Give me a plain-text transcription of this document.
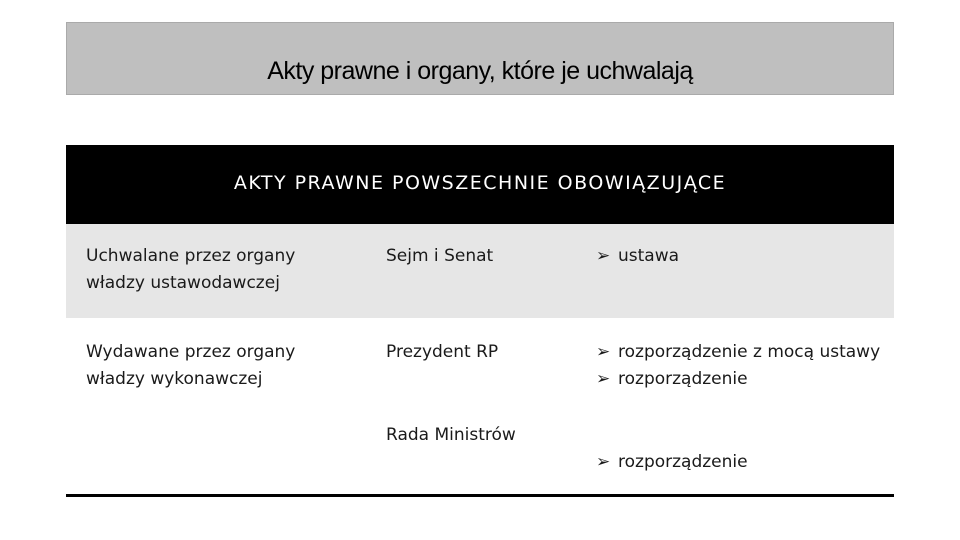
Akty prawne i organy, które je uchwalają
AKTY PRAWNE POWSZECHNIE OBOWIĄZUJĄCE
Uchwalane przez organy władzy ustawodawczej
Sejm i Senat	➢ ustawa
Wydawane przez organy władzy wykonawczej
Prezydent RP
Rada Ministrów
➢ rozporządzenie z mocą ustawy
➢ rozporządzenie
➢ rozporządzenie
